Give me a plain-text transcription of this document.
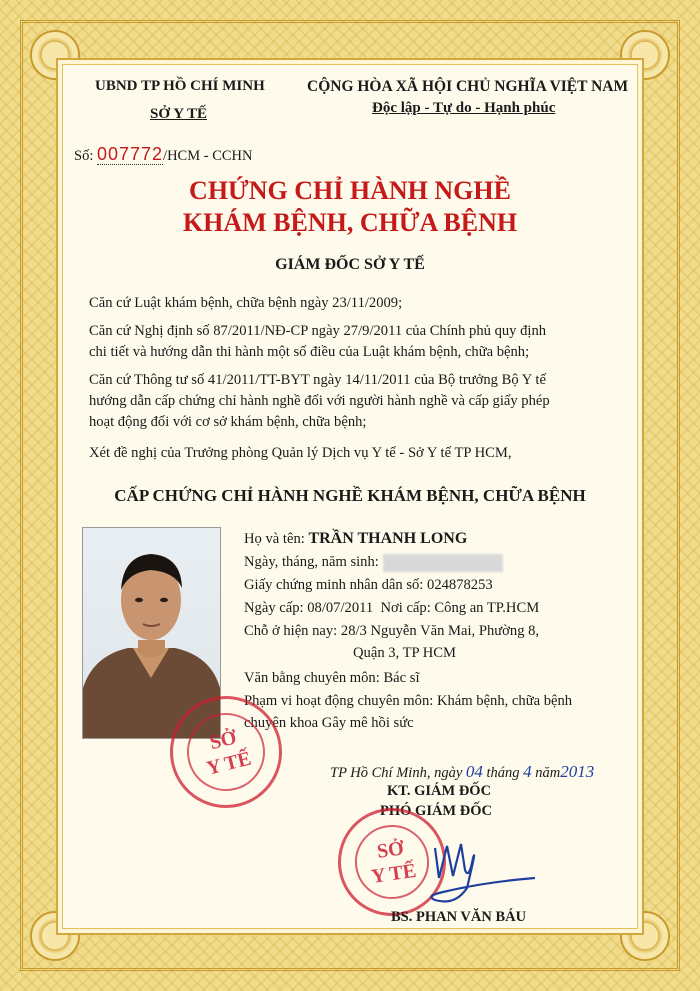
UBND TP HỒ CHÍ MINH
SỞ Y TẾ
CỘNG HÒA XÃ HỘI CHỦ NGHĨA VIỆT NAM
Độc lập - Tự do - Hạnh phúc
Số: 007772/HCM - CCHN
CHỨNG CHỈ HÀNH NGHỀ
KHÁM BỆNH, CHỮA BỆNH
GIÁM ĐỐC SỞ Y TẾ
Căn cứ Luật khám bệnh, chữa bệnh ngày 23/11/2009;
Căn cứ Nghị định số 87/2011/NĐ-CP ngày 27/9/2011 của Chính phủ quy định
chi tiết và hướng dẫn thi hành một số điều của Luật khám bệnh, chữa bệnh;
Căn cứ Thông tư số 41/2011/TT-BYT ngày 14/11/2011 của Bộ trưởng Bộ Y tế
hướng dẫn cấp chứng chỉ hành nghề đối với người hành nghề và cấp giấy phép
hoạt động đối với cơ sở khám bệnh, chữa bệnh;
Xét đề nghị của Trưởng phòng Quản lý Dịch vụ Y tế - Sở Y tế TP HCM,
CẤP CHỨNG CHỈ HÀNH NGHỀ KHÁM BỆNH, CHỮA BỆNH
Họ và tên: TRẦN THANH LONG
Ngày, tháng, năm sinh:
Giấy chứng minh nhân dân số: 024878253
Ngày cấp: 08/07/2011 Nơi cấp: Công an TP.HCM
Chỗ ở hiện nay: 28/3 Nguyễn Văn Mai, Phường 8,
Quận 3, TP HCM
Văn bằng chuyên môn: Bác sĩ
Phạm vi hoạt động chuyên môn: Khám bệnh, chữa bệnh
chuyên khoa Gây mê hồi sức
SỞ
Y TẾ	TP Hồ Chí Minh, ngày 04 tháng 4 năm2013
KT. GIÁM ĐỐC
PHÓ GIÁM ĐỐC
SỞ
Y TẾ
BS. PHAN VĂN BÁU
